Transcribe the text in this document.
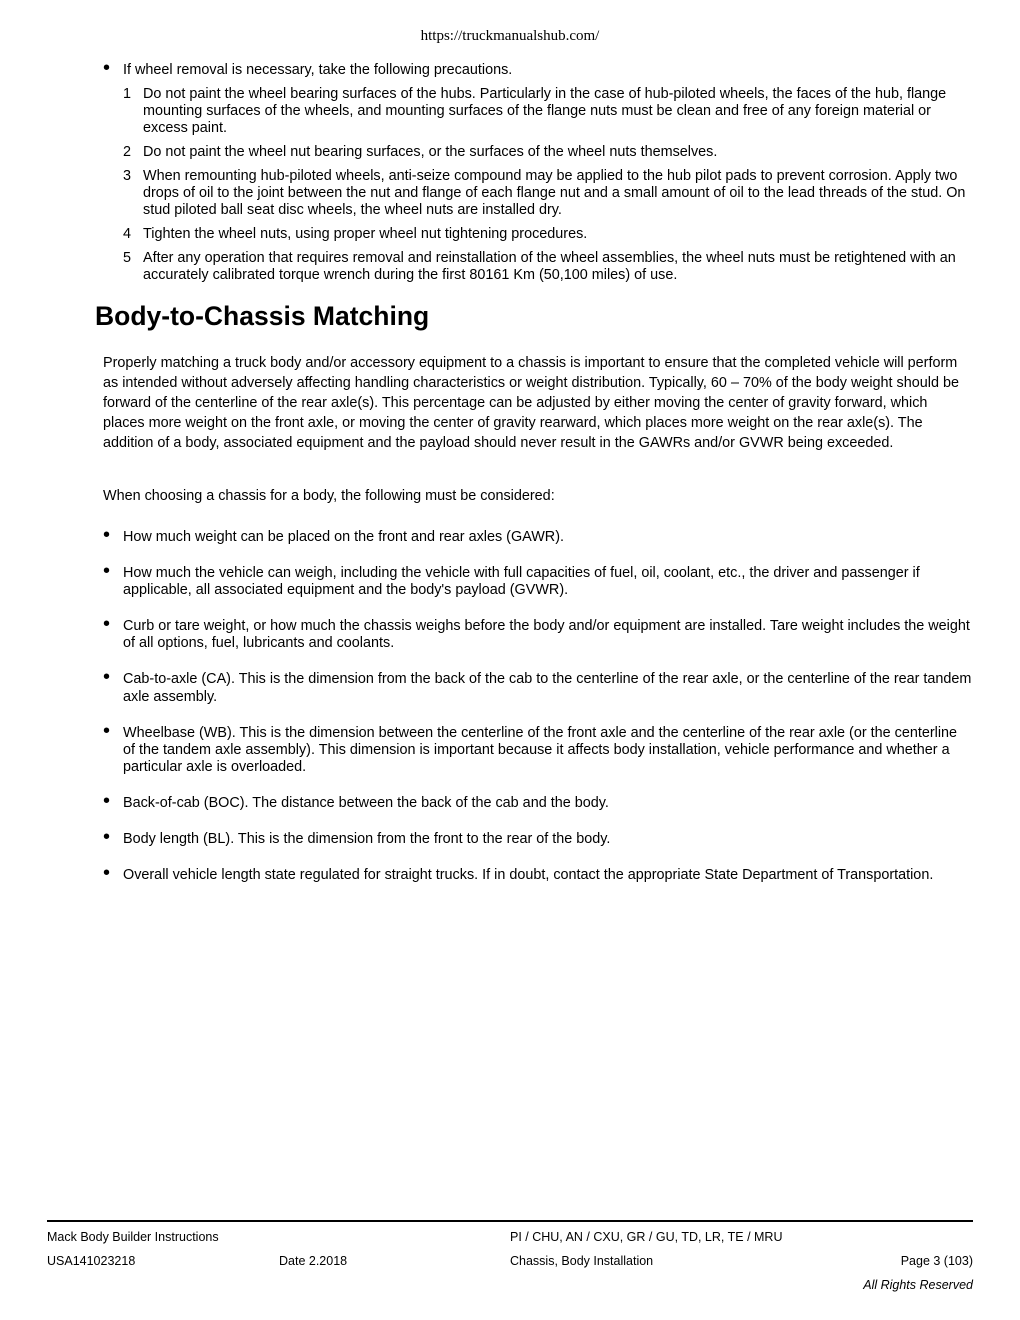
https://truckmanualshub.com/
• If wheel removal is necessary, take the following precautions.
1 Do not paint the wheel bearing surfaces of the hubs. Particularly in the case of hub-piloted wheels, the faces of the hub, flange mounting surfaces of the wheels, and mounting surfaces of the flange nuts must be clean and free of any foreign material or excess paint.
2 Do not paint the wheel nut bearing surfaces, or the surfaces of the wheel nuts themselves.
3 When remounting hub-piloted wheels, anti-seize compound may be applied to the hub pilot pads to prevent corrosion. Apply two drops of oil to the joint between the nut and flange of each flange nut and a small amount of oil to the lead threads of the stud. On stud piloted ball seat disc wheels, the wheel nuts are installed dry.
4 Tighten the wheel nuts, using proper wheel nut tightening procedures.
5 After any operation that requires removal and reinstallation of the wheel assemblies, the wheel nuts must be retightened with an accurately calibrated torque wrench during the first 80161 Km (50,100 miles) of use.
Body-to-Chassis Matching

Properly matching a truck body and/or accessory equipment to a chassis is important to ensure that the completed vehicle will perform as intended without adversely affecting handling characteristics or weight distribution. Typically, 60 – 70% of the body weight should be forward of the centerline of the rear axle(s). This percentage can be adjusted by either moving the center of gravity forward, which places more weight on the front axle, or moving the center of gravity rearward, which places more weight on the rear axle(s). The addition of a body, associated equipment and the payload should never result in the GAWRs and/or GVWR being exceeded.

When choosing a chassis for a body, the following must be considered:

• How much weight can be placed on the front and rear axles (GAWR).
• How much the vehicle can weigh, including the vehicle with full capacities of fuel, oil, coolant, etc., the driver and passenger if applicable, all associated equipment and the body's payload (GVWR).
• Curb or tare weight, or how much the chassis weighs before the body and/or equipment are installed. Tare weight includes the weight of all options, fuel, lubricants and coolants.
• Cab-to-axle (CA). This is the dimension from the back of the cab to the centerline of the rear axle, or the centerline of the rear tandem axle assembly.
• Wheelbase (WB). This is the dimension between the centerline of the front axle and the centerline of the rear axle (or the centerline of the tandem axle assembly). This dimension is important because it affects body installation, vehicle performance and whether a particular axle is overloaded.
• Back-of-cab (BOC). The distance between the back of the cab and the body.
• Body length (BL). This is the dimension from the front to the rear of the body.
• Overall vehicle length state regulated for straight trucks. If in doubt, contact the appropriate State Department of Transportation.
Mack Body Builder Instructions	PI / CHU, AN / CXU, GR / GU, TD, LR, TE / MRU
USA141023218	Date 2.2018	Chassis, Body Installation	Page 3 (103)
All Rights Reserved
